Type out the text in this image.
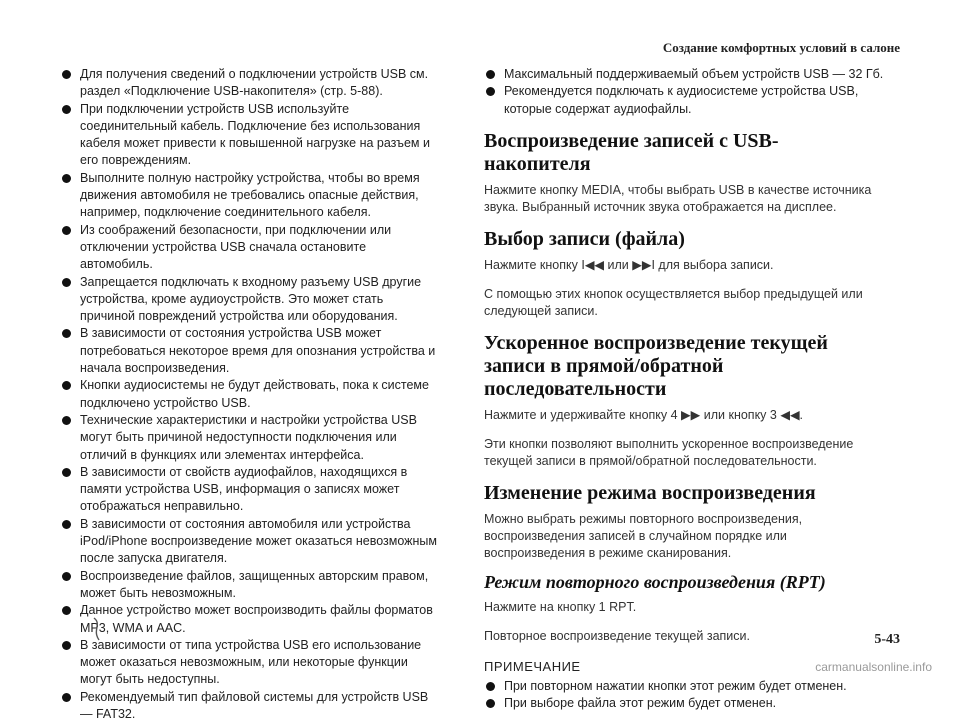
Создание комфортных условий в салоне
Для получения сведений о подключении устройств USB см. раздел «Подключение USB-накопителя» (стр. 5-88).
При подключении устройств USB используйте соединительный кабель. Подключение без использования кабеля может привести к повышенной нагрузке на разъем и его повреждениям.
Выполните полную настройку устройства, чтобы во время движения автомобиля не требовались опасные действия, например, подключение соединительного кабеля.
Из соображений безопасности, при подключении или отключении устройства USB сначала остановите автомобиль.
Запрещается подключать к входному разъему USB другие устройства, кроме аудиоустройств. Это может стать причиной повреждений устройства или оборудования.
В зависимости от состояния устройства USB может потребоваться некоторое время для опознания устройства и начала воспроизведения.
Кнопки аудиосистемы не будут действовать, пока к системе подключено устройство USB.
Технические характеристики и настройки устройства USB могут быть причиной недоступности подключения или отличий в функциях или элементах интерфейса.
В зависимости от свойств аудиофайлов, находящихся в памяти устройства USB, информация о записях может отображаться неправильно.
В зависимости от состояния автомобиля или устройства iPod/iPhone воспроизведение может оказаться невозможным после запуска двигателя.
Воспроизведение файлов, защищенных авторским правом, может быть невозможным.
Данное устройство может воспроизводить файлы форматов MP3, WMA и AAC.
В зависимости от типа устройства USB его использование может оказаться невозможным, или некоторые функции могут быть недоступны.
Рекомендуемый тип файловой системы для устройств USB — FAT32.
Максимальный поддерживаемый объем устройств USB — 32 Гб.
Рекомендуется подключать к аудиосистеме устройства USB, которые содержат аудиофайлы.
Воспроизведение записей с USB-накопителя

Нажмите кнопку MEDIA, чтобы выбрать USB в качестве источника звука. Выбранный источник звука отображается на дисплее.

Выбор записи (файла)

Нажмите кнопку I◀◀ или ▶▶I для выбора записи.

С помощью этих кнопок осуществляется выбор предыдущей или следующей записи.

Ускоренное воспроизведение текущей записи в прямой/обратной последовательности

Нажмите и удерживайте кнопку 4 ▶▶ или кнопку 3 ◀◀.

Эти кнопки позволяют выполнить ускоренное воспроизведение текущей записи в прямой/обратной последовательности.

Изменение режима воспроизведения

Можно выбрать режимы повторного воспроизведения, воспроизведения записей в случайном порядке или воспроизведения в режиме сканирования.

Режим повторного воспроизведения (RPT)

Нажмите на кнопку 1 RPT.

Повторное воспроизведение текущей записи.

ПРИМЕЧАНИЕ
При повторном нажатии кнопки этот режим будет отменен.
При выборе файла этот режим будет отменен.
5-43
carmanualsonline.info
